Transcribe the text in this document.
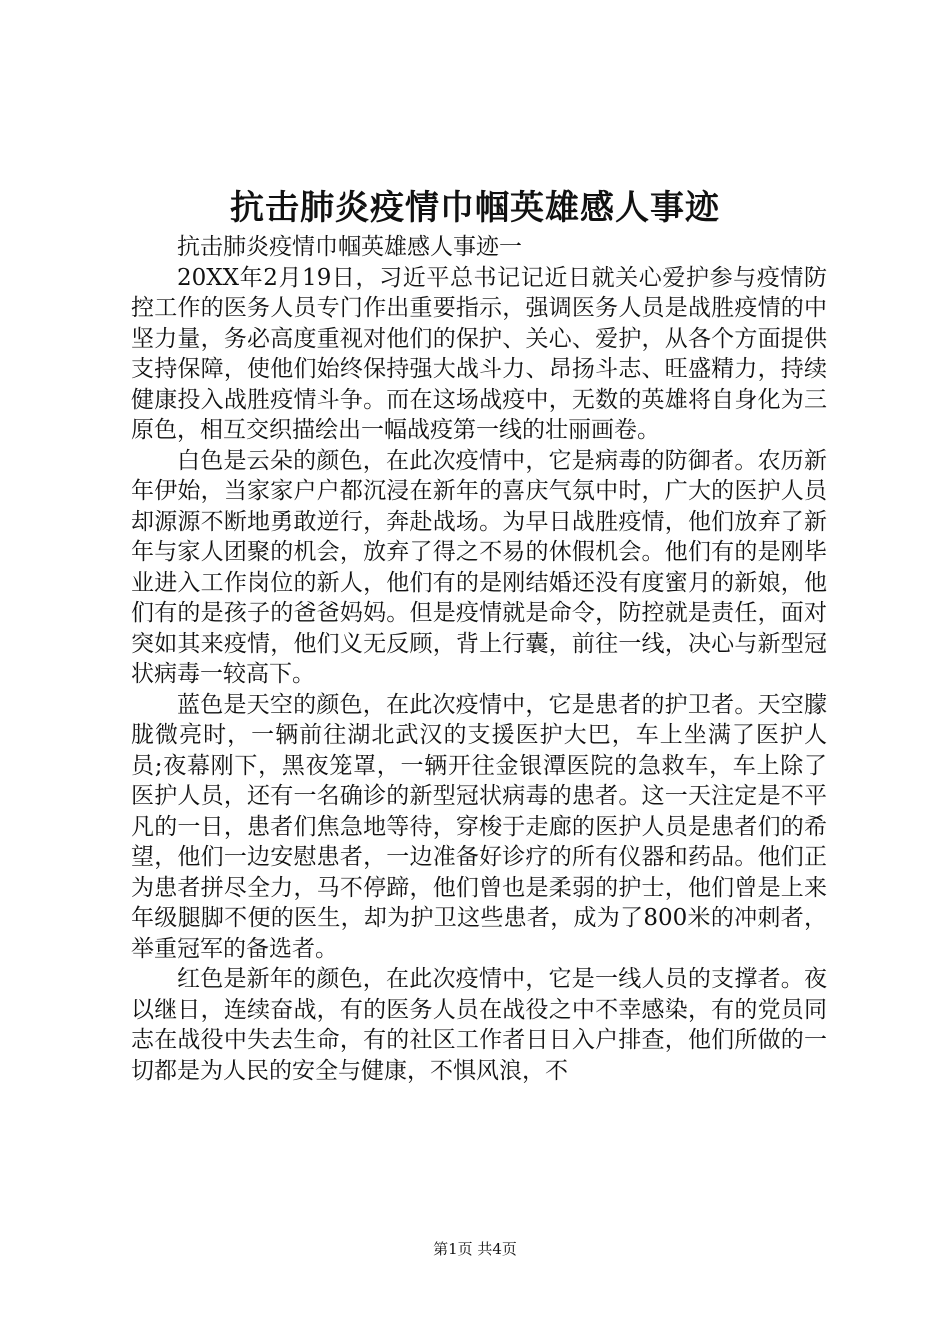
抗击肺炎疫情巾帼英雄感人事迹

抗击肺炎疫情巾帼英雄感人事迹一

20XX年2月19日，习近平总书记记近日就关心爱护参与疫情防控工作的医务人员专门作出重要指示，强调医务人员是战胜疫情的中坚力量，务必高度重视对他们的保护、关心、爱护，从各个方面提供支持保障，使他们始终保持强大战斗力、昂扬斗志、旺盛精力，持续健康投入战胜疫情斗争。而在这场战疫中，无数的英雄将自身化为三原色，相互交织描绘出一幅战疫第一线的壮丽画卷。

白色是云朵的颜色，在此次疫情中，它是病毒的防御者。农历新年伊始，当家家户户都沉浸在新年的喜庆气氛中时，广大的医护人员却源源不断地勇敢逆行，奔赴战场。为早日战胜疫情，他们放弃了新年与家人团聚的机会，放弃了得之不易的休假机会。他们有的是刚毕业进入工作岗位的新人，他们有的是刚结婚还没有度蜜月的新娘，他们有的是孩子的爸爸妈妈。但是疫情就是命令，防控就是责任，面对突如其来疫情，他们义无反顾，背上行囊，前往一线，决心与新型冠状病毒一较高下。

蓝色是天空的颜色，在此次疫情中，它是患者的护卫者。天空朦胧微亮时，一辆前往湖北武汉的支援医护大巴，车上坐满了医护人员;夜幕刚下，黑夜笼罩，一辆开往金银潭医院的急救车，车上除了医护人员，还有一名确诊的新型冠状病毒的患者。这一天注定是不平凡的一日，患者们焦急地等待，穿梭于走廊的医护人员是患者们的希望，他们一边安慰患者，一边准备好诊疗的所有仪器和药品。他们正为患者拼尽全力，马不停蹄，他们曾也是柔弱的护士，他们曾是上来年级腿脚不便的医生，却为护卫这些患者，成为了800米的冲刺者，举重冠军的备选者。

红色是新年的颜色，在此次疫情中，它是一线人员的支撑者。夜以继日，连续奋战，有的医务人员在战役之中不幸感染，有的党员同志在战役中失去生命，有的社区工作者日日入户排查，他们所做的一切都是为人民的安全与健康，不惧风浪，不

第1页 共4页
